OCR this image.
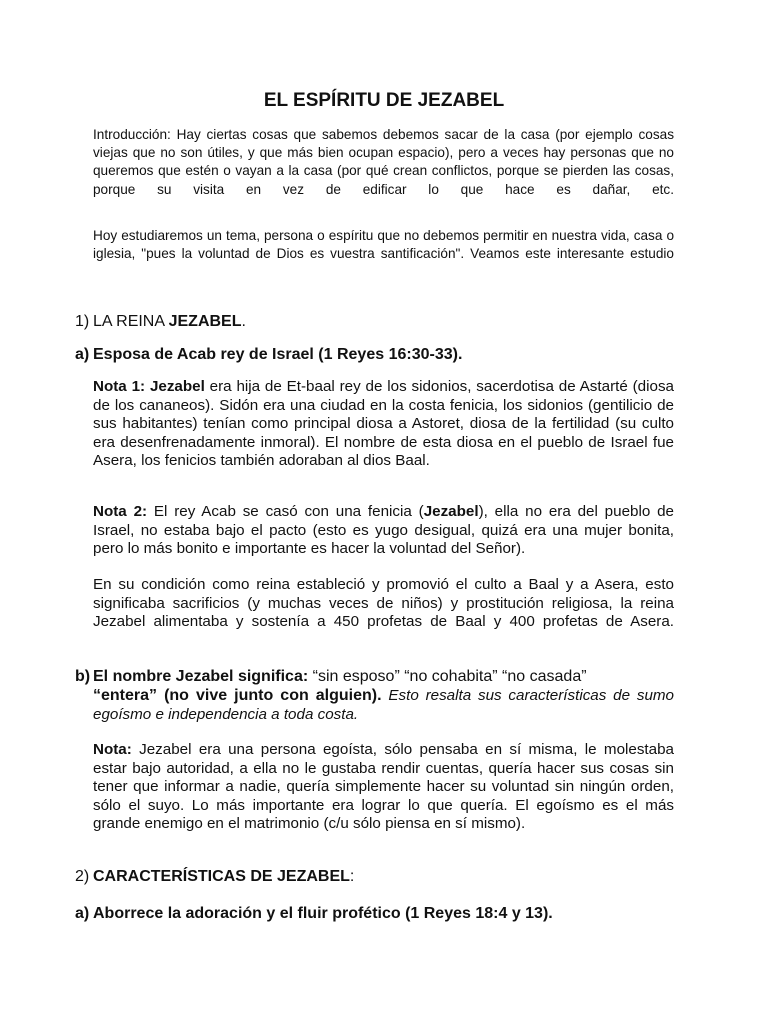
EL ESPÍRITU DE JEZABEL

Introducción: Hay ciertas cosas que sabemos debemos sacar de la casa (por ejemplo cosas viejas que no son útiles, y que más bien ocupan espacio), pero a veces hay personas que no queremos que estén o vayan a la casa (por qué crean conflictos, porque se pierden las cosas, porque su visita en vez de edificar lo que hace es dañar, etc.

Hoy estudiaremos un tema, persona o espíritu que no debemos permitir en nuestra vida, casa o iglesia, "pues la voluntad de Dios es vuestra santificación". Veamos este interesante estudio

1) LA REINA JEZABEL.

a) Esposa de Acab rey de Israel (1 Reyes 16:30-33).

Nota 1: Jezabel era hija de Et-baal rey de los sidonios, sacerdotisa de Astarté (diosa de los cananeos). Sidón era una ciudad en la costa fenicia, los sidonios (gentilicio de sus habitantes) tenían como principal diosa a Astoret, diosa de la fertilidad (su culto era desenfrenadamente inmoral). El nombre de esta diosa en el pueblo de Israel fue Asera, los fenicios también adoraban al dios Baal.

Nota 2: El rey Acab se casó con una fenicia (Jezabel), ella no era del pueblo de Israel, no estaba bajo el pacto (esto es yugo desigual, quizá era una mujer bonita, pero lo más bonito e importante es hacer la voluntad del Señor).

En su condición como reina estableció y promovió el culto a Baal y a Asera, esto significaba sacrificios (y muchas veces de niños) y prostitución religiosa, la reina Jezabel alimentaba y sostenía a 450 profetas de Baal y 400 profetas de Asera.

b) El nombre Jezabel significa: “sin esposo” “no cohabita” “no casada”
“entera” (no vive junto con alguien). Esto resalta sus características de sumo egoísmo e independencia a toda costa.

Nota: Jezabel era una persona egoísta, sólo pensaba en sí misma, le molestaba estar bajo autoridad, a ella no le gustaba rendir cuentas, quería hacer sus cosas sin tener que informar a nadie, quería simplemente hacer su voluntad sin ningún orden, sólo el suyo. Lo más importante era lograr lo que quería. El egoísmo es el más grande enemigo en el matrimonio (c/u sólo piensa en sí mismo).

2) CARACTERÍSTICAS DE JEZABEL:

a) Aborrece la adoración y el fluir profético (1 Reyes 18:4 y 13).
